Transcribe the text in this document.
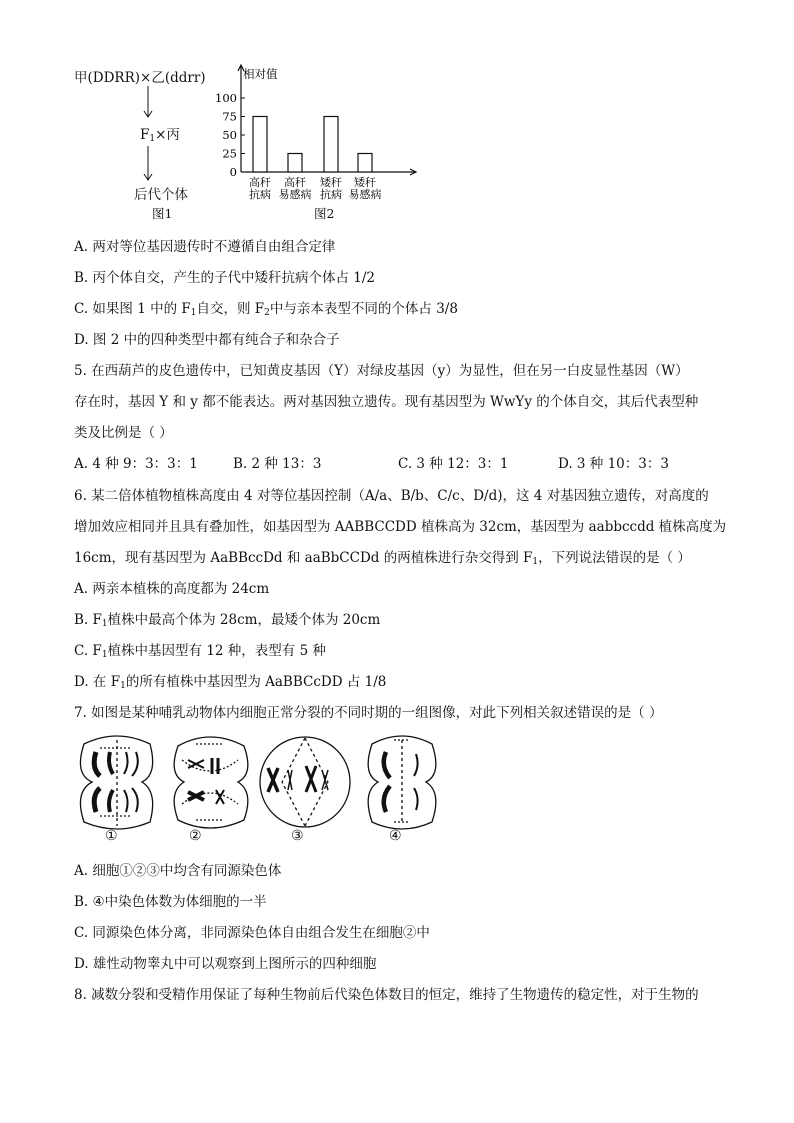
甲(DDRR)×乙(ddrr)
$F_1\times$丙
后代个体
图1
相对值
0
25
50
75
100
高秆
抗病
高秆
易感病
矮秆
抗病
矮秆
易感病
图2
A. 两对等位基因遗传时不遵循自由组合定律
B. 丙个体自交，产生的子代中矮秆抗病个体占 1/2
C. 如果图 1 中的 $F_1$自交，则 $F_2$中与亲本表型不同的个体占 3/8
D. 图 2 中的四种类型中都有纯合子和杂合子
5. 在西葫芦的皮色遗传中，已知黄皮基因（Y）对绿皮基因（y）为显性，但在另一白皮显性基因（W）
存在时，基因 Y 和 y 都不能表达。两对基因独立遗传。现有基因型为 WwYy 的个体自交，其后代表型种
类及比例是（ ）
A. 4 种 9：3：3：1	B. 2 种 13：3	C. 3 种 12：3：1	D. 3 种 10：3：3
6. 某二倍体植物植株高度由 4 对等位基因控制（A/a、B/b、C/c、D/d)，这 4 对基因独立遗传，对高度的
增加效应相同并且具有叠加性，如基因型为 AABBCCDD 植株高为 32cm，基因型为 aabbccdd 植株高度为
16cm，现有基因型为 AaBBccDd 和 aaBbCCDd 的两植株进行杂交得到 $F_1$，下列说法错误的是（ ）
A. 两亲本植株的高度都为 24cm
B. $F_1$植株中最高个体为 28cm，最矮个体为 20cm
C. $F_1$植株中基因型有 12 种，表型有 5 种
D. 在 $F_1$的所有植株中基因型为 AaBBCcDD 占 1/8
7. 如图是某种哺乳动物体内细胞正常分裂的不同时期的一组图像，对此下列相关叙述错误的是（ ）
①	②	③	④
A. 细胞①②③中均含有同源染色体
B. ④中染色体数为体细胞的一半
C. 同源染色体分离，非同源染色体自由组合发生在细胞②中
D. 雄性动物睾丸中可以观察到上图所示的四种细胞
8. 减数分裂和受精作用保证了每种生物前后代染色体数目的恒定，维持了生物遗传的稳定性，对于生物的
